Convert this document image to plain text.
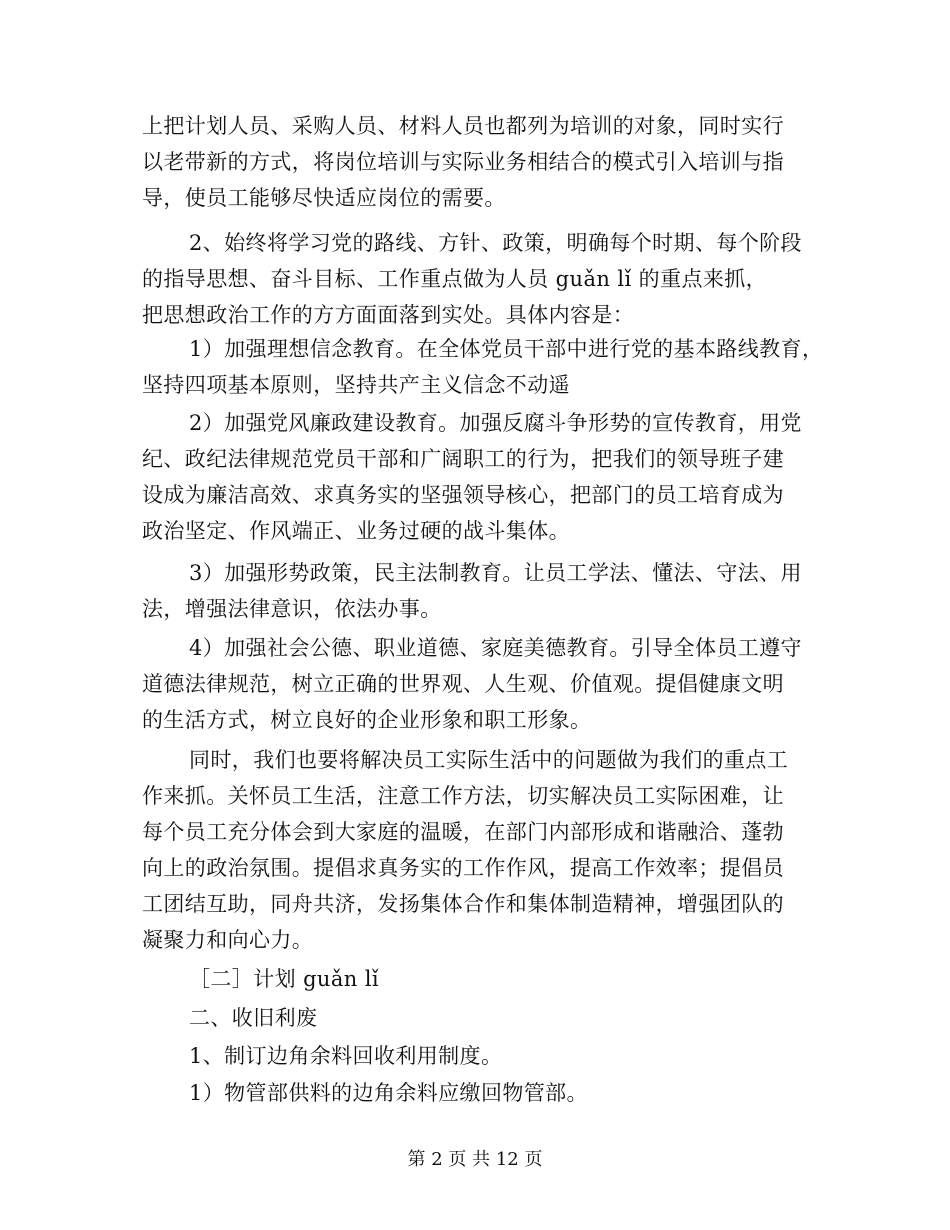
上把计划人员、采购人员、材料人员也都列为培训的对象，同时实行
以老带新的方式，将岗位培训与实际业务相结合的模式引入培训与指
导，使员工能够尽快适应岗位的需要。
2、始终将学习党的路线、方针、政策，明确每个时期、每个阶段
的指导思想、奋斗目标、工作重点做为人员 guǎn lǐ 的重点来抓，
把思想政治工作的方方面面落到实处。具体内容是：
1）加强理想信念教育。在全体党员干部中进行党的基本路线教育，
坚持四项基本原则，坚持共产主义信念不动遥
2）加强党风廉政建设教育。加强反腐斗争形势的宣传教育，用党
纪、政纪法律规范党员干部和广阔职工的行为，把我们的领导班子建
设成为廉洁高效、求真务实的坚强领导核心，把部门的员工培育成为
政治坚定、作风端正、业务过硬的战斗集体。
3）加强形势政策，民主法制教育。让员工学法、懂法、守法、用
法，增强法律意识，依法办事。
4）加强社会公德、职业道德、家庭美德教育。引导全体员工遵守
道德法律规范，树立正确的世界观、人生观、价值观。提倡健康文明
的生活方式，树立良好的企业形象和职工形象。
同时，我们也要将解决员工实际生活中的问题做为我们的重点工
作来抓。关怀员工生活，注意工作方法，切实解决员工实际困难，让
每个员工充分体会到大家庭的温暖，在部门内部形成和谐融洽、蓬勃
向上的政治氛围。提倡求真务实的工作作风，提高工作效率；提倡员
工团结互助，同舟共济，发扬集体合作和集体制造精神，增强团队的
凝聚力和向心力。
［二］计划 guǎn lǐ
二、收旧利废
1、制订边角余料回收利用制度。
1）物管部供料的边角余料应缴回物管部。
第 2 页 共 12 页
